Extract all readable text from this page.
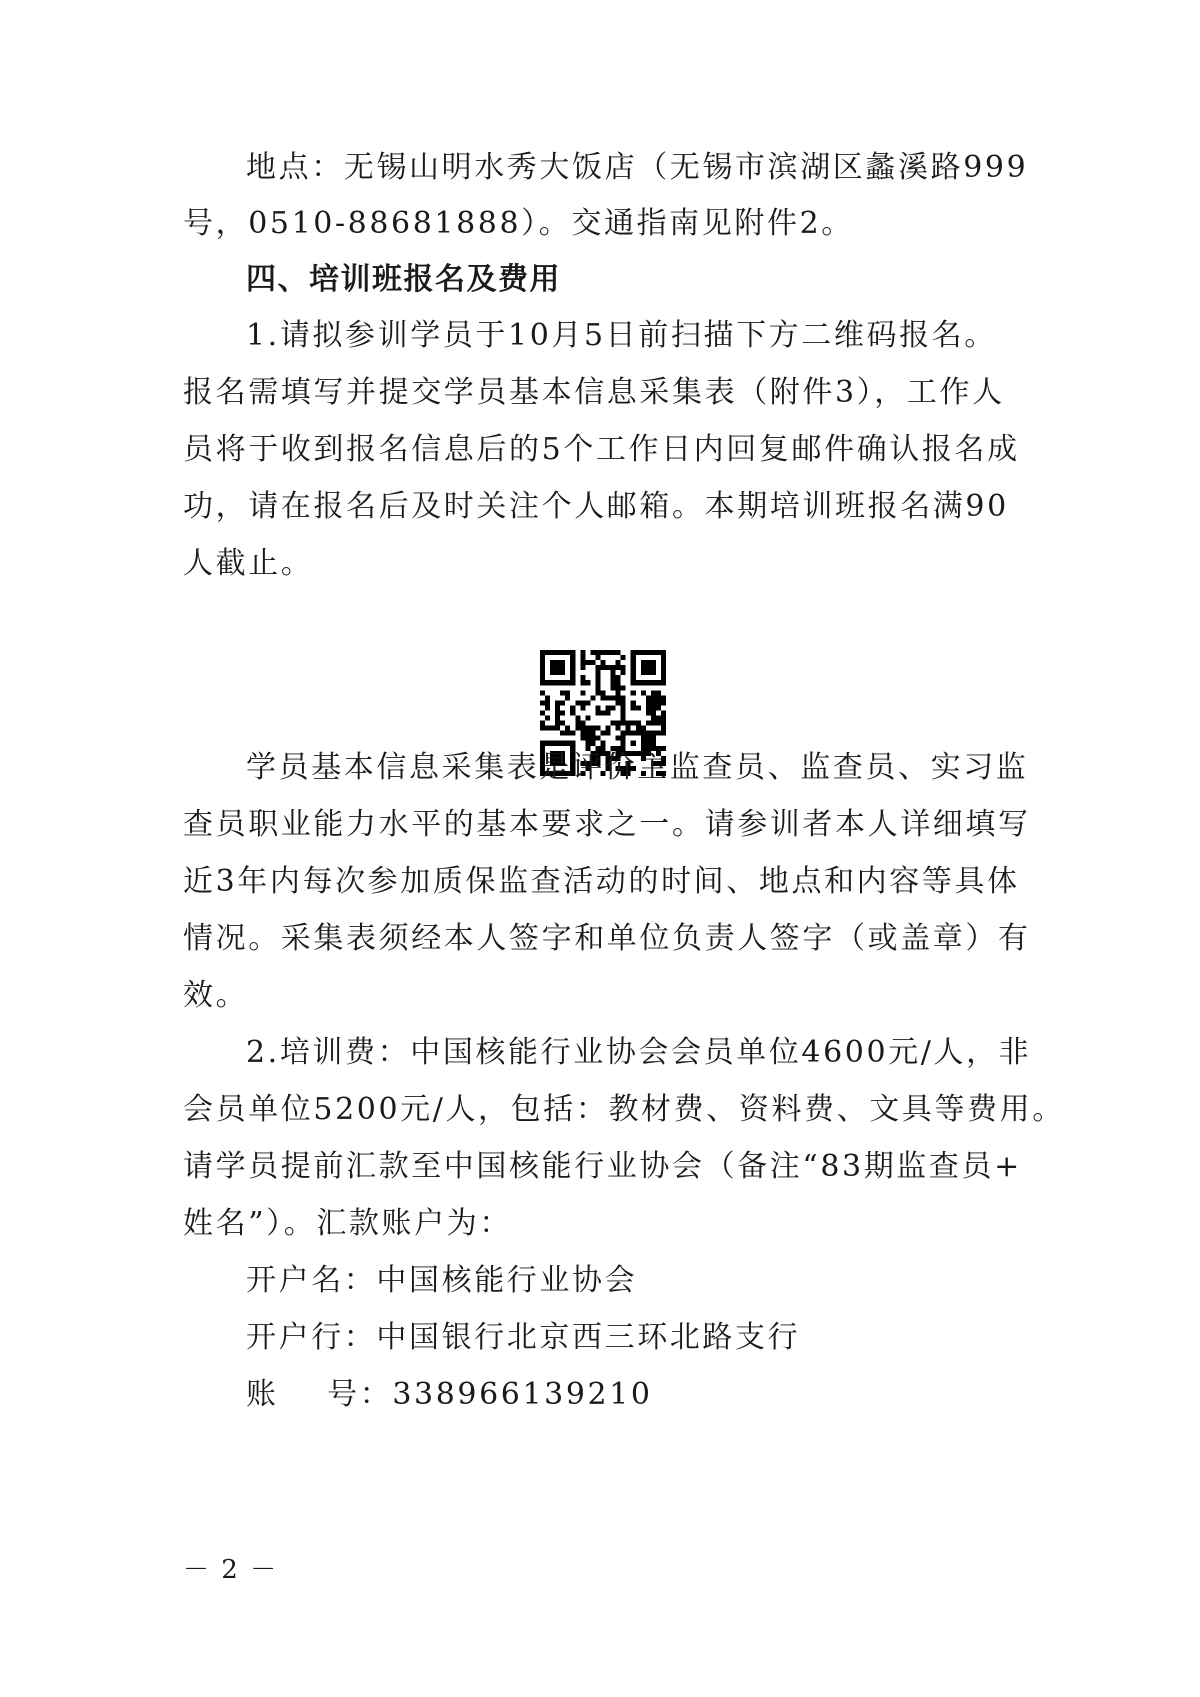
地点：无锡山明水秀大饭店（无锡市滨湖区蠡溪路999
号，0510-88681888）。交通指南见附件2。
四、培训班报名及费用
1.请拟参训学员于10月5日前扫描下方二维码报名。
报名需填写并提交学员基本信息采集表（附件3），工作人
员将于收到报名信息后的5个工作日内回复邮件确认报名成
功，请在报名后及时关注个人邮箱。本期培训班报名满90
人截止。
学员基本信息采集表是评价主监查员、监查员、实习监
查员职业能力水平的基本要求之一。请参训者本人详细填写
近3年内每次参加质保监查活动的时间、地点和内容等具体
情况。采集表须经本人签字和单位负责人签字（或盖章）有
效。
2.培训费：中国核能行业协会会员单位4600元/人，非
会员单位5200元/人，包括：教材费、资料费、文具等费用。
请学员提前汇款至中国核能行业协会（备注“83期监查员+
姓名”）。汇款账户为：
开户名：中国核能行业协会
开户行：中国银行北京西三环北路支行
账    号：338966139210
－ 2 －
